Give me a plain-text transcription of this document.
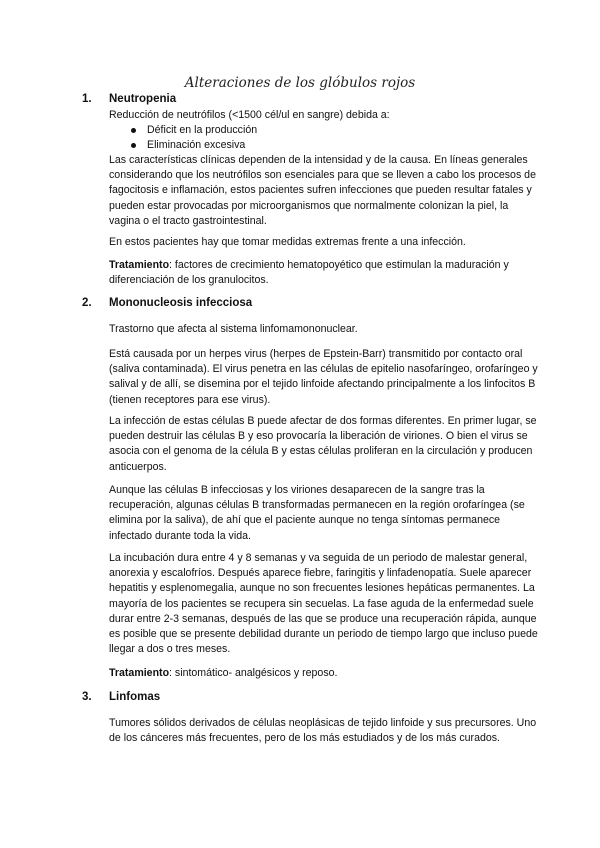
Alteraciones de los glóbulos rojos
1. Neutropenia

Reducción de neutrófilos (<1500 cél/ul en sangre) debida a:

Déficit en la producción
Eliminación excesiva

Las características clínicas dependen de la intensidad y de la causa. En líneas generales considerando que los neutrófilos son esenciales para que se lleven a cabo los procesos de fagocitosis e inflamación, estos pacientes sufren infecciones que pueden resultar fatales y pueden estar provocadas por microorganismos que normalmente colonizan la piel, la vagina o el tracto gastrointestinal.

En estos pacientes hay que tomar medidas extremas frente a una infección.

Tratamiento: factores de crecimiento hematopoyético que estimulan la maduración y diferenciación de los granulocitos.

2. Mononucleosis infecciosa

Trastorno que afecta al sistema linfomamononuclear.

Está causada por un herpes virus (herpes de Epstein-Barr) transmitido por contacto oral (saliva contaminada). El virus penetra en las células de epitelio nasofaríngeo, orofaríngeo y salival y de allí, se disemina por el tejido linfoide afectando principalmente a los linfocitos B (tienen receptores para ese virus).

La infección de estas células B puede afectar de dos formas diferentes. En primer lugar, se pueden destruir las células B y eso provocaría la liberación de viriones. O bien el virus se asocia con el genoma de la célula B y estas células proliferan en la circulación y producen anticuerpos.

Aunque las células B infecciosas y los viriones desaparecen de la sangre tras la recuperación, algunas células B transformadas permanecen en la región orofaríngea (se elimina por la saliva), de ahí que el paciente aunque no tenga síntomas permanece infectado durante toda la vida.

La incubación dura entre 4 y 8 semanas y va seguida de un periodo de malestar general, anorexia y escalofríos. Después aparece fiebre, faringitis y linfadenopatía. Suele aparecer hepatitis y esplenomegalia, aunque no son frecuentes lesiones hepáticas permanentes. La mayoría de los pacientes se recupera sin secuelas. La fase aguda de la enfermedad suele durar entre 2-3 semanas, después de las que se produce una recuperación rápida, aunque es posible que se presente debilidad durante un periodo de tiempo largo que incluso puede llegar a dos o tres meses.

Tratamiento: sintomático- analgésicos y reposo.

3. Linfomas

Tumores sólidos derivados de células neoplásicas de tejido linfoide y sus precursores. Uno de los cánceres más frecuentes, pero de los más estudiados y de los más curados.
